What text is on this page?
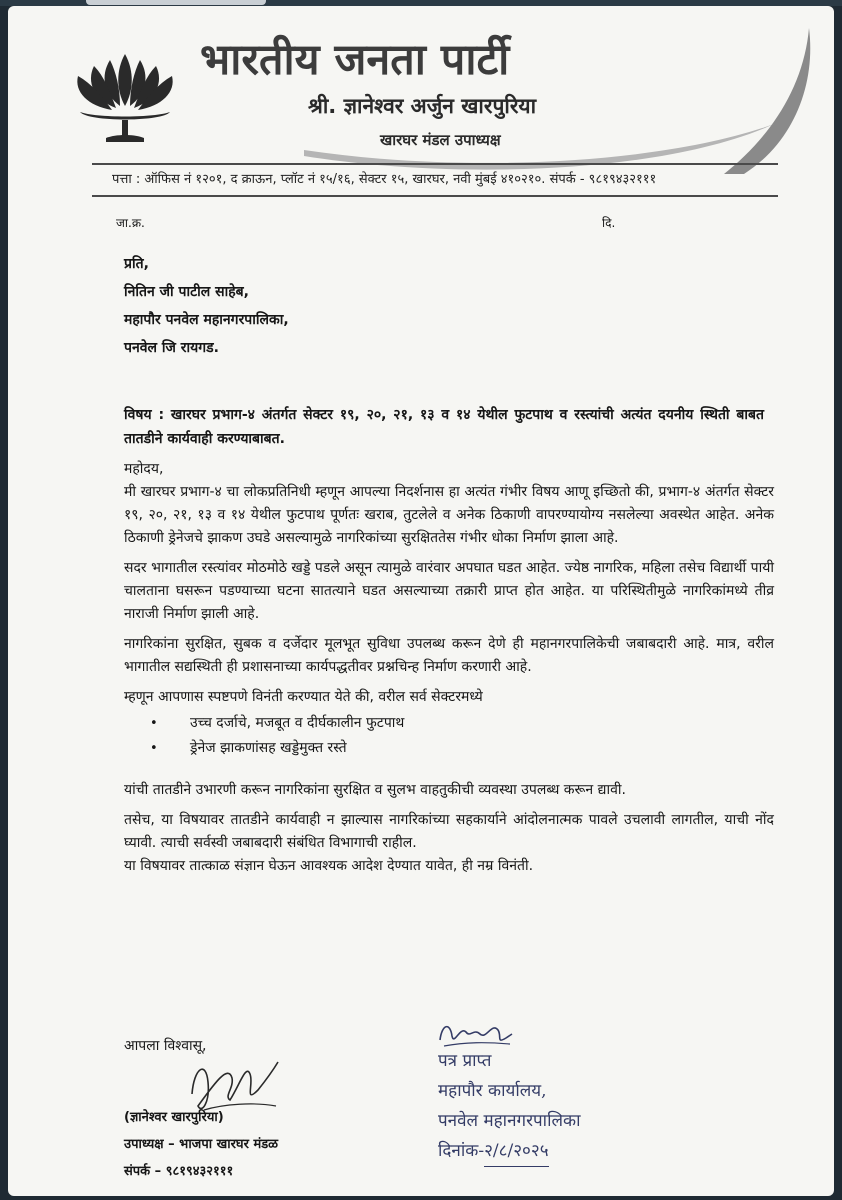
भारतीय जनता पार्टी
श्री. ज्ञानेश्वर अर्जुन खारपुरिया
खारघर मंडल उपाध्यक्ष
पत्ता : ऑफिस नं १२०१, द क्राऊन, प्लॉट नं १५/१६, सेक्टर १५, खारघर, नवी मुंबई ४१०२१०. संपर्क - ९८१९४३२१११
जा.क्र.	दि.
प्रति,
नितिन जी पाटील साहेब,
महापौर पनवेल महानगरपालिका,
पनवेल जि रायगड.
विषय : खारघर प्रभाग-४ अंतर्गत सेक्टर १९, २०, २१, १३ व १४ येथील फुटपाथ व रस्त्यांची अत्यंत दयनीय स्थिती बाबत तातडीने कार्यवाही करण्याबाबत.

महोदय,

मी खारघर प्रभाग-४ चा लोकप्रतिनिधी म्हणून आपल्या निदर्शनास हा अत्यंत गंभीर विषय आणू इच्छितो की, प्रभाग-४ अंतर्गत सेक्टर १९, २०, २१, १३ व १४ येथील फुटपाथ पूर्णतः खराब, तुटलेले व अनेक ठिकाणी वापरण्यायोग्य नसलेल्या अवस्थेत आहेत. अनेक ठिकाणी ड्रेनेजचे झाकण उघडे असल्यामुळे नागरिकांच्या सुरक्षिततेस गंभीर धोका निर्माण झाला आहे.

सदर भागातील रस्त्यांवर मोठमोठे खड्डे पडले असून त्यामुळे वारंवार अपघात घडत आहेत. ज्येष्ठ नागरिक, महिला तसेच विद्यार्थी पायी चालताना घसरून पडण्याच्या घटना सातत्याने घडत असल्याच्या तक्रारी प्राप्त होत आहेत. या परिस्थितीमुळे नागरिकांमध्ये तीव्र नाराजी निर्माण झाली आहे.

नागरिकांना सुरक्षित, सुबक व दर्जेदार मूलभूत सुविधा उपलब्ध करून देणे ही महानगरपालिकेची जबाबदारी आहे. मात्र, वरील भागातील सद्यस्थिती ही प्रशासनाच्या कार्यपद्धतीवर प्रश्नचिन्ह निर्माण करणारी आहे.

म्हणून आपणास स्पष्टपणे विनंती करण्यात येते की, वरील सर्व सेक्टरमध्ये

• उच्च दर्जाचे, मजबूत व दीर्घकालीन फुटपाथ
• ड्रेनेज झाकणांसह खड्डेमुक्त रस्ते

यांची तातडीने उभारणी करून नागरिकांना सुरक्षित व सुलभ वाहतुकीची व्यवस्था उपलब्ध करून द्यावी.

तसेच, या विषयावर तातडीने कार्यवाही न झाल्यास नागरिकांच्या सहकार्याने आंदोलनात्मक पावले उचलावी लागतील, याची नोंद घ्यावी. त्याची सर्वस्वी जबाबदारी संबंधित विभागाची राहील.

या विषयावर तात्काळ संज्ञान घेऊन आवश्यक आदेश देण्यात यावेत, ही नम्र विनंती.

आपला विश्वासू,
(ज्ञानेश्वर खारपुरिया)
उपाध्यक्ष – भाजपा खारघर मंडळ
संपर्क – ९८१९४३२१११
पत्र प्राप्त
महापौर कार्यालय,
पनवेल महानगरपालिका
दिनांक-२/८/२०२५
